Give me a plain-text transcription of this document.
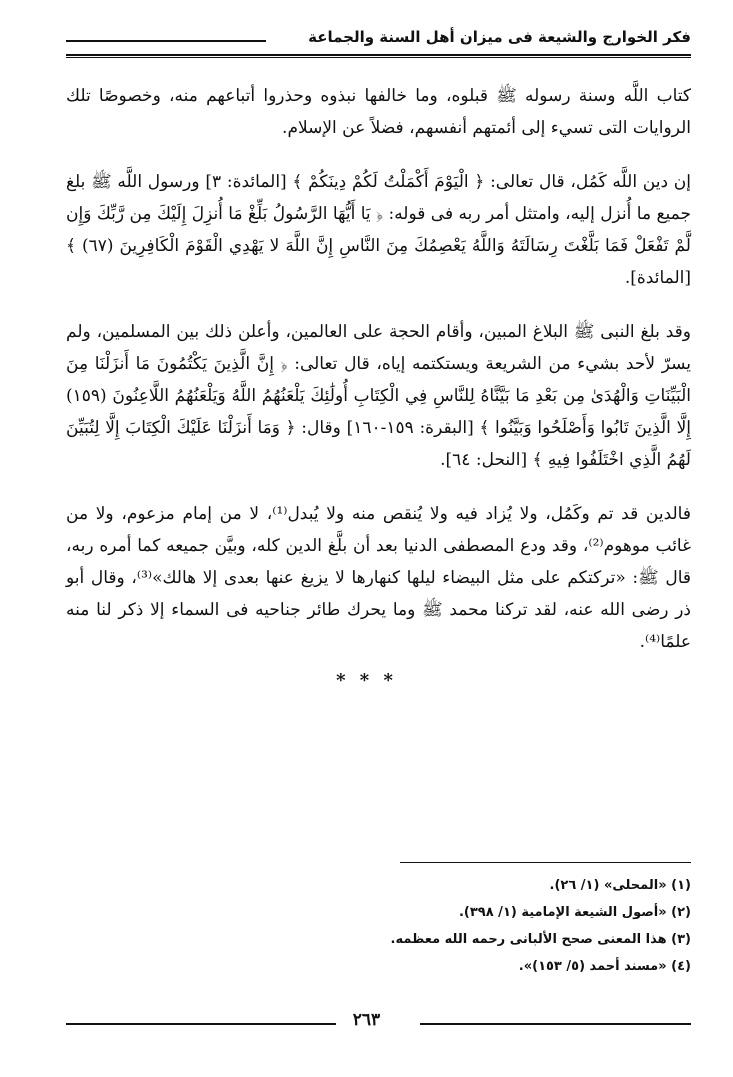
فكر الخوارج والشيعة فى ميزان أهل السنة والجماعة

كتاب اللَّه وسنة رسوله ﷺ قبلوه، وما خالفها نبذوه وحذروا أتباعهم منه، وخصوصًا تلك الروايات التى تسيء إلى أئمتهم أنفسهم، فضلاً عن الإسلام.

إن دين اللَّه كَمُل، قال تعالى: ﴿ الْيَوْمَ أَكْمَلْتُ لَكُمْ دِينَكُمْ ﴾ [المائدة: ٣] ورسول اللَّه ﷺ بلغ جميع ما أُنزل إليه، وامتثل أمر ربه فى قوله: ﴿ يَا أَيُّهَا الرَّسُولُ بَلِّغْ مَا أُنزِلَ إِلَيْكَ مِن رَّبِّكَ وَإِن لَّمْ تَفْعَلْ فَمَا بَلَّغْتَ رِسَالَتَهُ وَاللَّهُ يَعْصِمُكَ مِنَ النَّاسِ إِنَّ اللَّهَ لا يَهْدِي الْقَوْمَ الْكَافِرِينَ (٦٧) ﴾ [المائدة].

وقد بلغ النبى ﷺ البلاغ المبين، وأقام الحجة على العالمين، وأعلن ذلك بين المسلمين، ولم يسرّ لأحد بشيء من الشريعة ويستكتمه إياه، قال تعالى: ﴿ إِنَّ الَّذِينَ يَكْتُمُونَ مَا أَنزَلْنَا مِنَ الْبَيِّنَاتِ وَالْهُدَىٰ مِن بَعْدِ مَا بَيَّنَّاهُ لِلنَّاسِ فِي الْكِتَابِ أُولَٰئِكَ يَلْعَنُهُمُ اللَّهُ وَيَلْعَنُهُمُ اللَّاعِنُونَ (١٥٩) إِلَّا الَّذِينَ تَابُوا وَأَصْلَحُوا وَبَيَّنُوا ﴾ [البقرة: ١٥٩-١٦٠] وقال: ﴿ وَمَا أَنزَلْنَا عَلَيْكَ الْكِتَابَ إِلَّا لِتُبَيِّنَ لَهُمُ الَّذِي اخْتَلَفُوا فِيهِ ﴾ [النحل: ٦٤].

فالدين قد تم وكَمُل، ولا يُزاد فيه ولا يُنقص منه ولا يُبدل⁽¹⁾، لا من إمام مزعوم، ولا من غائب موهوم⁽²⁾، وقد ودع المصطفى الدنيا بعد أن بلَّغ الدين كله، وبيَّن جميعه كما أمره ربه، قال ﷺ: «تركتكم على مثل البيضاء ليلها كنهارها لا يزيغ عنها بعدى إلا هالك»⁽³⁾، وقال أبو ذر رضى الله عنه، لقد تركنا محمد ﷺ وما يحرك طائر جناحيه فى السماء إلا ذكر لنا منه علمًا⁽⁴⁾.

* * *
(١) «المحلى» (١/ ٢٦).
(٢) «أصول الشيعة الإمامية (١/ ٣٩٨).
(٣) هذا المعنى صحح الألبانى رحمه الله معظمه.
(٤) «مسند أحمد (٥/ ١٥٣)».
٢٦٣
